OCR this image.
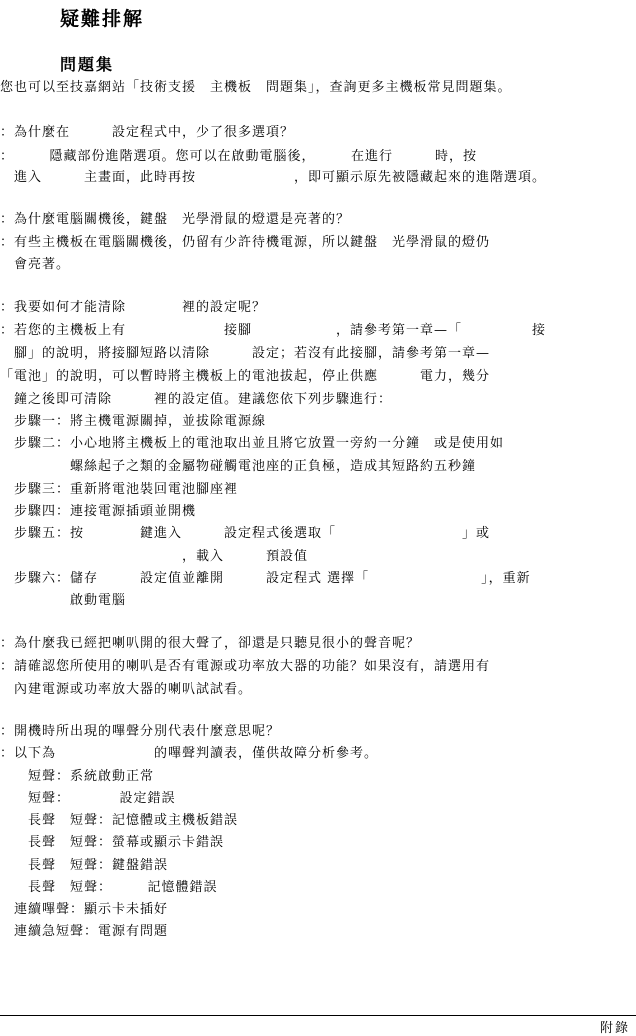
疑難排解
問題集
您也可以至技嘉網站「技術支援　主機板　問題集」，查詢更多主機板常見問題集。
：為什麼在　　　設定程式中，少了很多選項？
：　　　隱藏部份進階選項。您可以在啟動電腦後，　　　在進行　　　時，按
　進入　　　主畫面，此時再按　　　　　　　，即可顯示原先被隱藏起來的進階選項。
：為什麼電腦關機後，鍵盤　光學滑鼠的燈還是亮著的？
：有些主機板在電腦關機後，仍留有少許待機電源，所以鍵盤　光學滑鼠的燈仍
　會亮著。
：我要如何才能清除　　　　裡的設定呢？
：若您的主機板上有　　　　　　　接腳　　　　　　，請參考第一章—「　　　　　接
　腳」的說明，將接腳短路以清除　　　設定；若沒有此接腳，請參考第一章—
「電池」的說明，可以暫時將主機板上的電池拔起，停止供應　　　電力，幾分
　鐘之後即可清除　　　裡的設定值。建議您依下列步驟進行：
　步驟一：將主機電源關掉，並拔除電源線
　步驟二：小心地將主機板上的電池取出並且將它放置一旁約一分鐘　或是使用如
　　　　　螺絲起子之類的金屬物碰觸電池座的正負極，造成其短路約五秒鐘
　步驟三：重新將電池裝回電池腳座裡
　步驟四：連接電源插頭並開機
　步驟五：按　　　　鍵進入　　　設定程式後選取「　　　　　　　　　」或
　　　　　　　　　　　　　，載入　　　預設值
　步驟六：儲存　　　設定值並離開　　　設定程式 選擇「　　　　　　　　」，重新
　　　　　啟動電腦
：為什麼我已經把喇叭開的很大聲了，卻還是只聽見很小的聲音呢？
：請確認您所使用的喇叭是否有電源或功率放大器的功能？如果沒有，請選用有
　內建電源或功率放大器的喇叭試試看。
：開機時所出現的嗶聲分別代表什麼意思呢？
：以下為　　　　　　　的嗶聲判讀表，僅供故障分析參考。
　　短聲：系統啟動正常
　　短聲：　　　　設定錯誤
　　長聲　短聲：記憶體或主機板錯誤
　　長聲　短聲：螢幕或顯示卡錯誤
　　長聲　短聲：鍵盤錯誤
　　長聲　短聲：　　　記憶體錯誤
　連續嗶聲：顯示卡未插好
　連續急短聲：電源有問題
附錄
